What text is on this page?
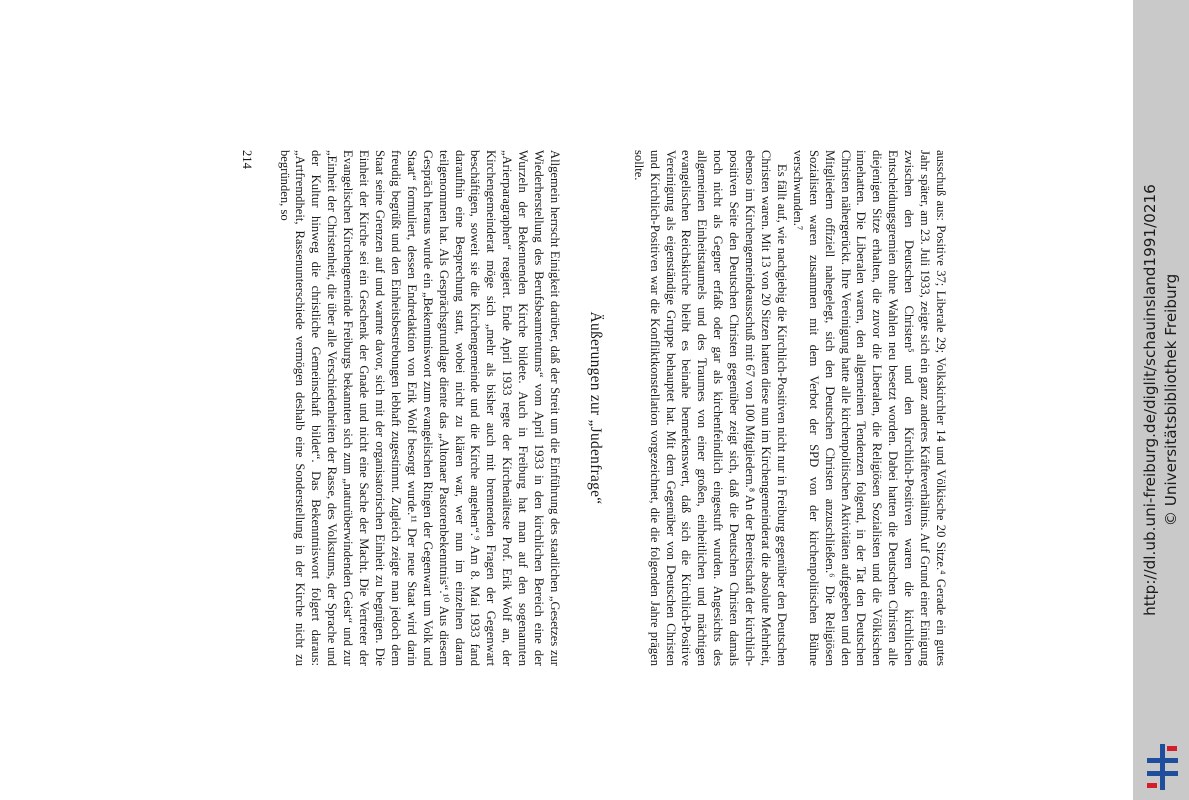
ausschuß aus: Positive 37; Liberale 29; Volkskirchler 14 und Völkische 20 Sitze.⁴ Gerade ein gutes Jahr später, am 23. Juli 1933, zeigte sich ein ganz anderes Kräfteverhältnis. Auf Grund einer Einigung zwischen den Deutschen Christen⁵ und den Kirchlich-Positiven waren die kirchlichen Entscheidungsgremien ohne Wahlen neu besetzt worden. Dabei hatten die Deutschen Christen alle diejenigen Sitze erhalten, die zuvor die Liberalen, die Religiösen Sozialisten und die Völkischen innehatten. Die Liberalen waren, den allgemeinen Tendenzen folgend, in der Tat den Deutschen Christen nähergerückt. Ihre Vereinigung hatte alle kirchenpolitischen Aktivitäten aufgegeben und den Mitgliedern offiziell nahegelegt, sich den Deutschen Christen anzuschließen.⁶ Die Religiösen Sozialisten waren zusammen mit dem Verbot der SPD von der kirchenpolitischen Bühne verschwunden.⁷

Es fällt auf, wie nachgiebig die Kirchlich-Positiven nicht nur in Freiburg gegenüber den Deutschen Christen waren. Mit 13 von 20 Sitzen hatten diese nun im Kirchengemeinderat die absolute Mehrheit, ebenso im Kirchengemeindeausschuß mit 67 von 100 Mitgliedern.⁸ An der Bereitschaft der kirchlich-positiven Seite den Deutschen Christen gegenüber zeigt sich, daß die Deutschen Christen damals noch nicht als Gegner erfaßt oder gar als kirchenfeindlich eingestuft wurden. Angesichts des allgemeinen Einheitstaumels und des Traumes von einer großen, einheitlichen und mächtigen evangelischen Reichskirche bleibt es beinahe bemerkenswert, daß sich die Kirchlich-Positive Vereinigung als eigenständige Gruppe behauptet hat. Mit dem Gegenüber von Deutschen Christen und Kirchlich-Positiven war die Konfliktkonstellation vorgezeichnet, die die folgenden Jahre prägen sollte.

Äußerungen zur „Judenfrage“

Allgemein herrscht Einigkeit darüber, daß der Streit um die Einführung des staatlichen „Gesetzes zur Wiederherstellung des Berufsbeamtentums“ vom April 1933 in den kirchlichen Bereich eine der Wurzeln der Bekennenden Kirche bildete. Auch in Freiburg hat man auf den sogenannten „Arierparagraphen“ reagiert. Ende April 1933 regte der Kirchenälteste Prof. Erik Wolf an, der Kirchengemeinderat möge sich „mehr als bisher auch mit brennenden Fragen der Gegenwart beschäftigen, soweit sie die Kirchengemeinde und die Kirche angehen“.⁹ Am 8. Mai 1933 fand daraufhin eine Besprechung statt, wobei nicht zu klären war, wer nun im einzelnen daran teilgenommen hat. Als Gesprächsgrundlage diente das „Altonaer Pastorenbekenntnis“.¹⁰ Aus diesem Gespräch heraus wurde ein „Bekenntniswort zum evangelischen Ringen der Gegenwart um Volk und Staat“ formuliert, dessen Endredaktion von Erik Wolf besorgt wurde.¹¹ Der neue Staat wird darin freudig begrüßt und den Einheitsbestrebungen lebhaft zugestimmt. Zugleich zeigte man jedoch dem Staat seine Grenzen auf und warnte davor, sich mit der organisatorischen Einheit zu begnügen. Die Einheit der Kirche sei ein Geschenk der Gnade und nicht eine Sache der Macht. Die Vertreter der Evangelischen Kirchengemeinde Freiburgs bekannten sich zum „naturüberwindenden Geist“ und zur „Einheit der Christenheit, die über alle Verschiedenheiten der Rasse, des Volkstums, der Sprache und der Kultur hinweg die christliche Gemeinschaft bildet“. Das Bekenntniswort folgert daraus: „Artfremdheit, Rassenunterschiede vermögen deshalb eine Sonderstellung in der Kirche nicht zu begründen, so

214
http://dl.ub.uni-freiburg.de/diglit/schauinsland1991/0216 © Universitätsbibliothek Freiburg
